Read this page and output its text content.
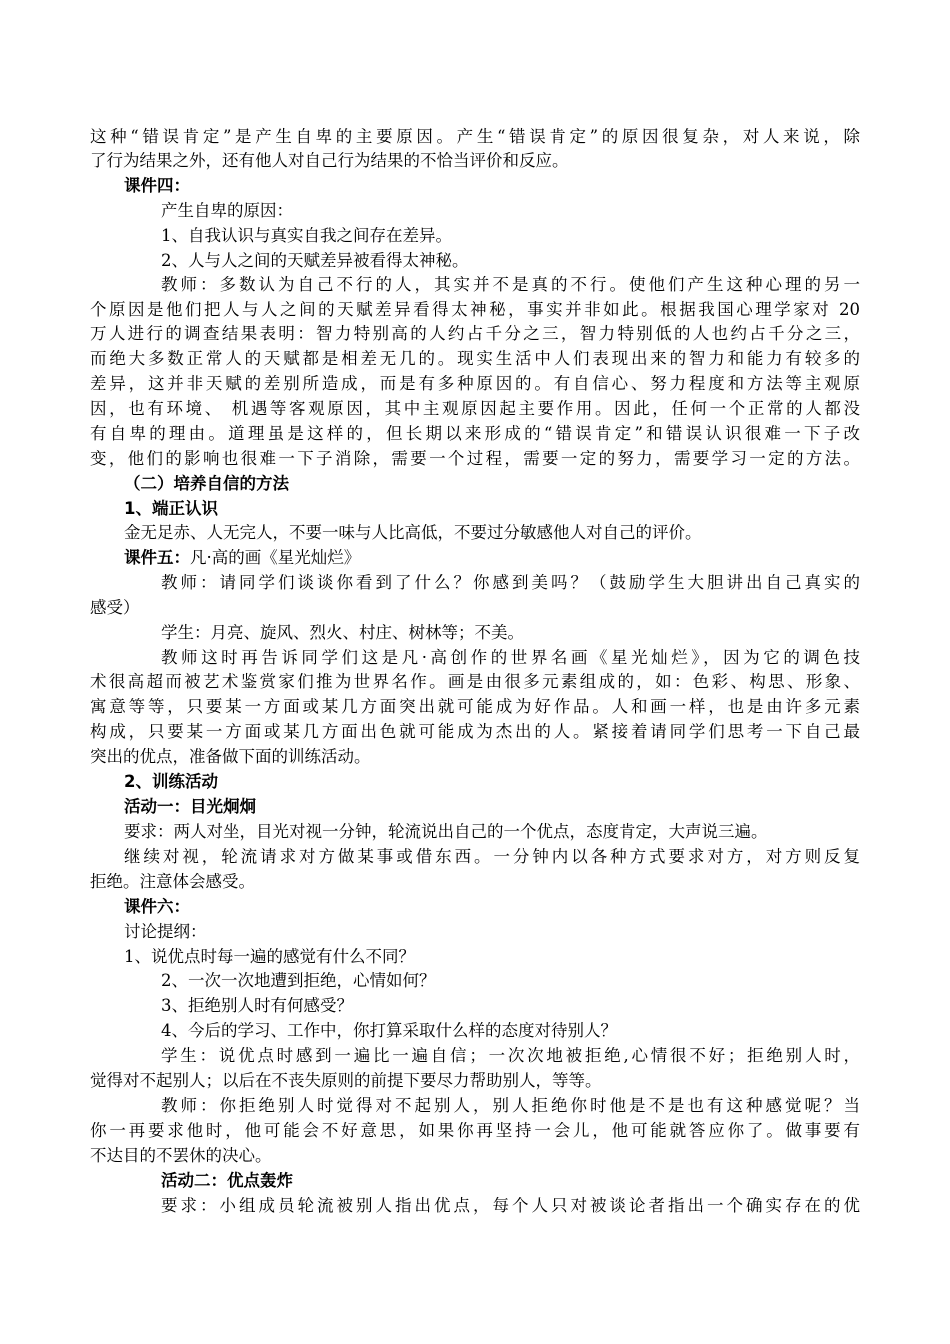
这种“错误肯定”是产生自卑的主要原因。产生“错误肯定”的原因很复杂，对人来说，除
了行为结果之外，还有他人对自己行为结果的不恰当评价和反应。
课件四：
产生自卑的原因：
1、自我认识与真实自我之间存在差异。
2、人与人之间的天赋差异被看得太神秘。
教师：多数认为自己不行的人，其实并不是真的不行。使他们产生这种心理的另一
个原因是他们把人与人之间的天赋差异看得太神秘，事实并非如此。根据我国心理学家对 20
万人进行的调查结果表明：智力特别高的人约占千分之三，智力特别低的人也约占千分之三，
而绝大多数正常人的天赋都是相差无几的。现实生活中人们表现出来的智力和能力有较多的
差异，这并非天赋的差别所造成，而是有多种原因的。有自信心、努力程度和方法等主观原
因，也有环境、 机遇等客观原因，其中主观原因起主要作用。因此，任何一个正常的人都没
有自卑的理由。道理虽是这样的，但长期以来形成的“错误肯定”和错误认识很难一下子改
变，他们的影响也很难一下子消除，需要一个过程，需要一定的努力，需要学习一定的方法。
（二）培养自信的方法
1、端正认识
金无足赤、人无完人，不要一味与人比高低，不要过分敏感他人对自己的评价。
课件五：凡·高的画《星光灿烂》
教师：请同学们谈谈你看到了什么？你感到美吗？（鼓励学生大胆讲出自己真实的
感受）
学生：月亮、旋风、烈火、村庄、树林等；不美。
教师这时再告诉同学们这是凡·高创作的世界名画《星光灿烂》，因为它的调色技
术很高超而被艺术鉴赏家们推为世界名作。画是由很多元素组成的，如：色彩、构思、形象、
寓意等等，只要某一方面或某几方面突出就可能成为好作品。人和画一样，也是由许多元素
构成，只要某一方面或某几方面出色就可能成为杰出的人。紧接着请同学们思考一下自己最
突出的优点，准备做下面的训练活动。
2、训练活动
活动一：目光炯炯
要求：两人对坐，目光对视一分钟，轮流说出自己的一个优点，态度肯定，大声说三遍。
继续对视，轮流请求对方做某事或借东西。一分钟内以各种方式要求对方，对方则反复
拒绝。注意体会感受。
课件六：
讨论提纲：
1、说优点时每一遍的感觉有什么不同？
2、一次一次地遭到拒绝，心情如何？
3、拒绝别人时有何感受？
4、今后的学习、工作中，你打算采取什么样的态度对待别人？
学生：说优点时感到一遍比一遍自信；一次次地被拒绝,心情很不好；拒绝别人时，
觉得对不起别人；以后在不丧失原则的前提下要尽力帮助别人，等等。
教师：你拒绝别人时觉得对不起别人，别人拒绝你时他是不是也有这种感觉呢？当
你一再要求他时，他可能会不好意思，如果你再坚持一会儿，他可能就答应你了。做事要有
不达目的不罢休的决心。
活动二：优点轰炸
要求：小组成员轮流被别人指出优点，每个人只对被谈论者指出一个确实存在的优
